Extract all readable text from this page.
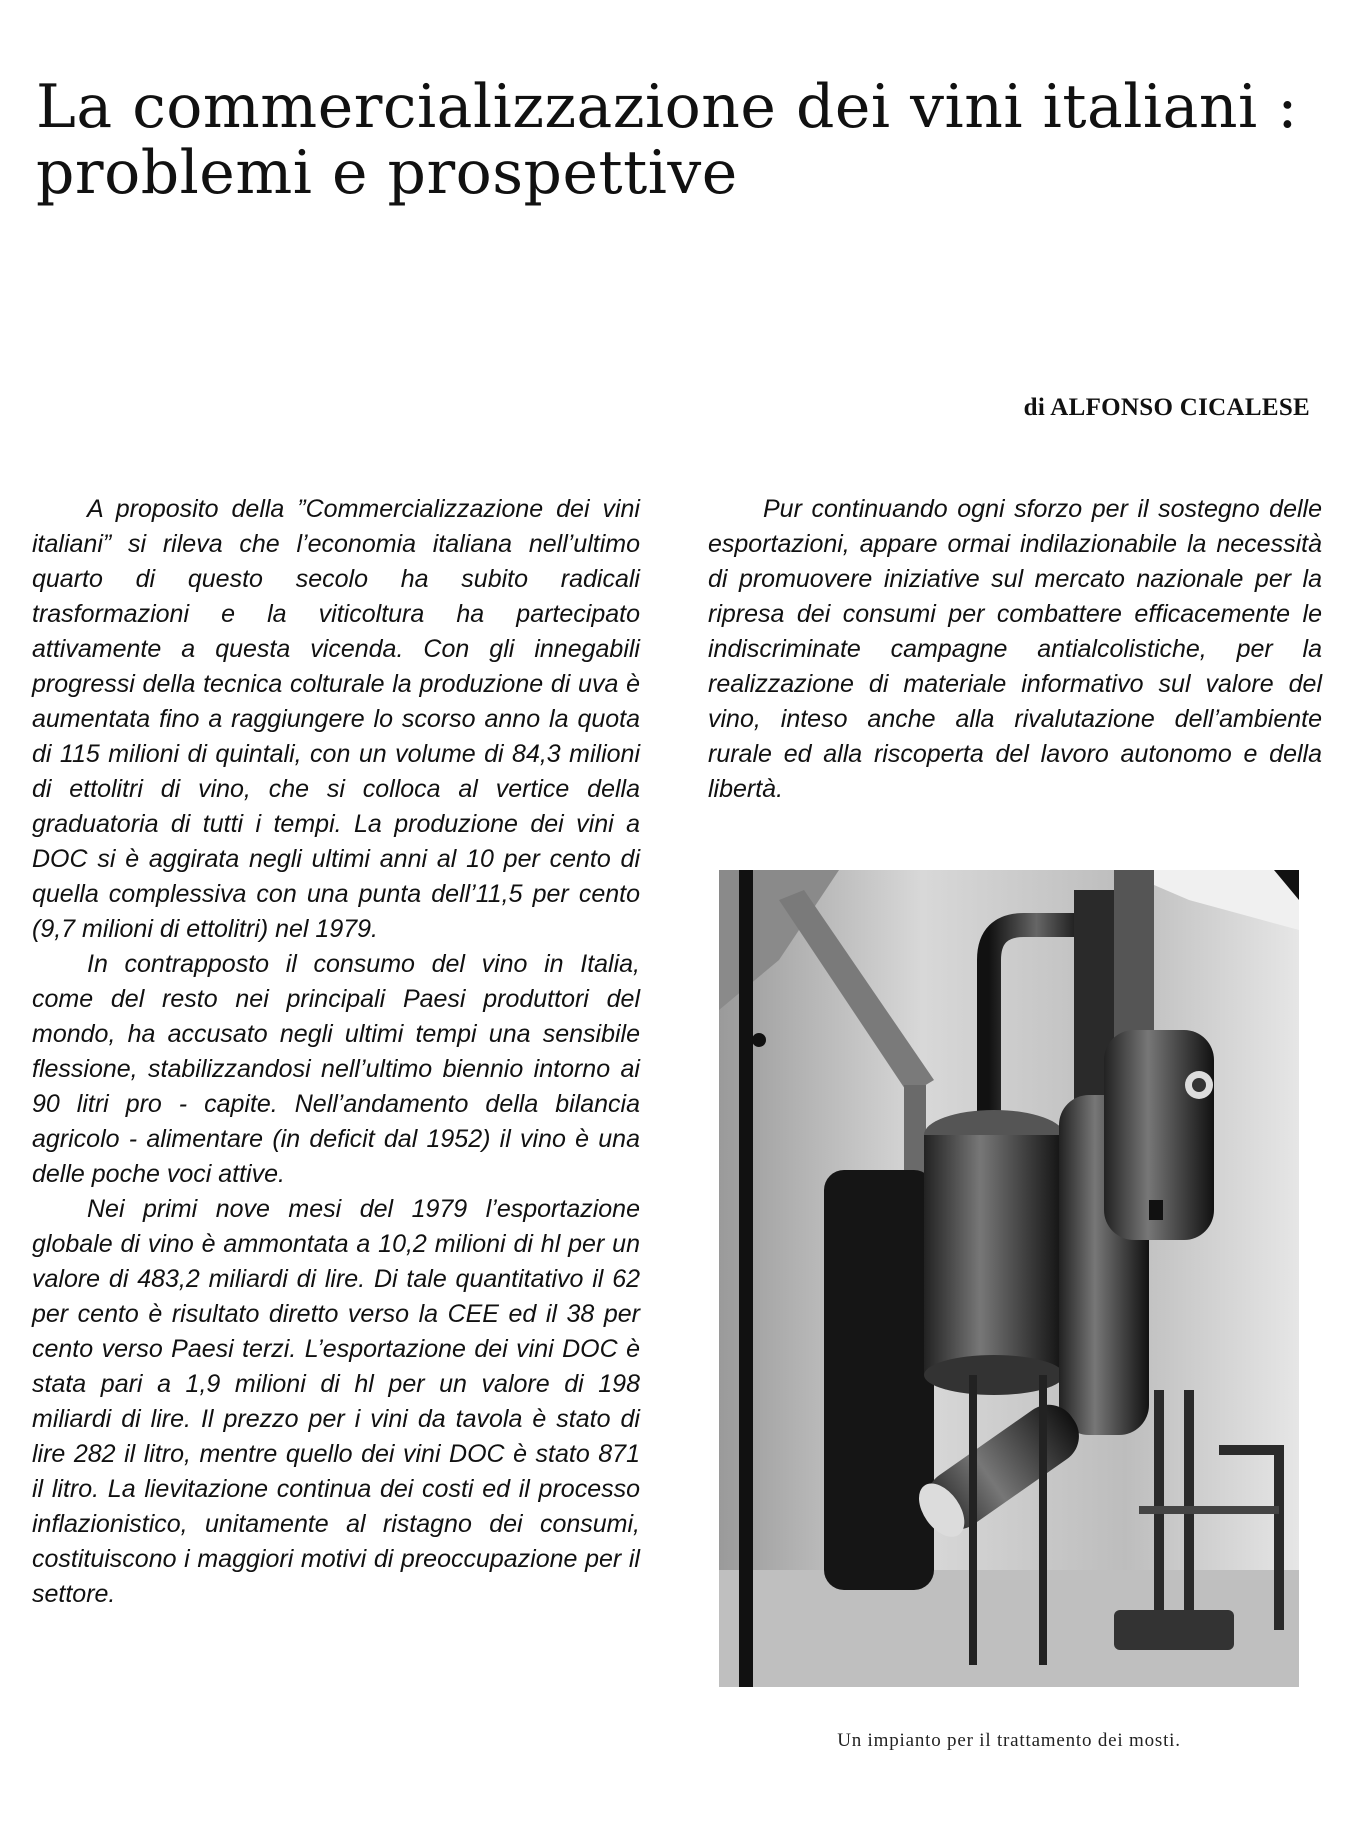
La commercializzazione dei vini italiani :
problemi e prospettive
di ALFONSO CICALESE

A proposito della ”Commercializzazione dei vini italiani” si rileva che l’economia italiana nell’ultimo quarto di questo secolo ha subito radicali trasformazioni e la viticoltura ha partecipato attivamente a questa vicenda. Con gli innegabili progressi della tecnica colturale la produzione di uva è aumentata fino a raggiungere lo scorso anno la quota di 115 milioni di quintali, con un volume di 84,3 milioni di ettolitri di vino, che si colloca al vertice della graduatoria di tutti i tempi. La produzione dei vini a DOC si è aggirata negli ultimi anni al 10 per cento di quella complessiva con una punta dell’11,5 per cento (9,7 milioni di ettolitri) nel 1979.

In contrapposto il consumo del vino in Italia, come del resto nei principali Paesi produttori del mondo, ha accusato negli ultimi tempi una sensibile flessione, stabilizzandosi nell’ultimo biennio intorno ai 90 litri pro - capite. Nell’andamento della bilancia agricolo - alimentare (in deficit dal 1952) il vino è una delle poche voci attive.

Nei primi nove mesi del 1979 l’esportazione globale di vino è ammontata a 10,2 milioni di hl per un valore di 483,2 miliardi di lire. Di tale quantitativo il 62 per cento è risultato diretto verso la CEE ed il 38 per cento verso Paesi terzi. L’esportazione dei vini DOC è stata pari a 1,9 milioni di hl per un valore di 198 miliardi di lire. Il prezzo per i vini da tavola è stato di lire 282 il litro, mentre quello dei vini DOC è stato 871 il litro. La lievitazione continua dei costi ed il processo inflazionistico, unitamente al ristagno dei consumi, costituiscono i maggiori motivi di preoccupazione per il settore.

Pur continuando ogni sforzo per il sostegno delle esportazioni, appare ormai indilazionabile la necessità di promuovere iniziative sul mercato nazionale per la ripresa dei consumi per combattere efficacemente le indiscriminate campagne antialcolistiche, per la realizzazione di materiale informativo sul valore del vino, inteso anche alla rivalutazione dell’ambiente rurale ed alla riscoperta del lavoro autonomo e della libertà.

Un impianto per il trattamento dei mosti.
